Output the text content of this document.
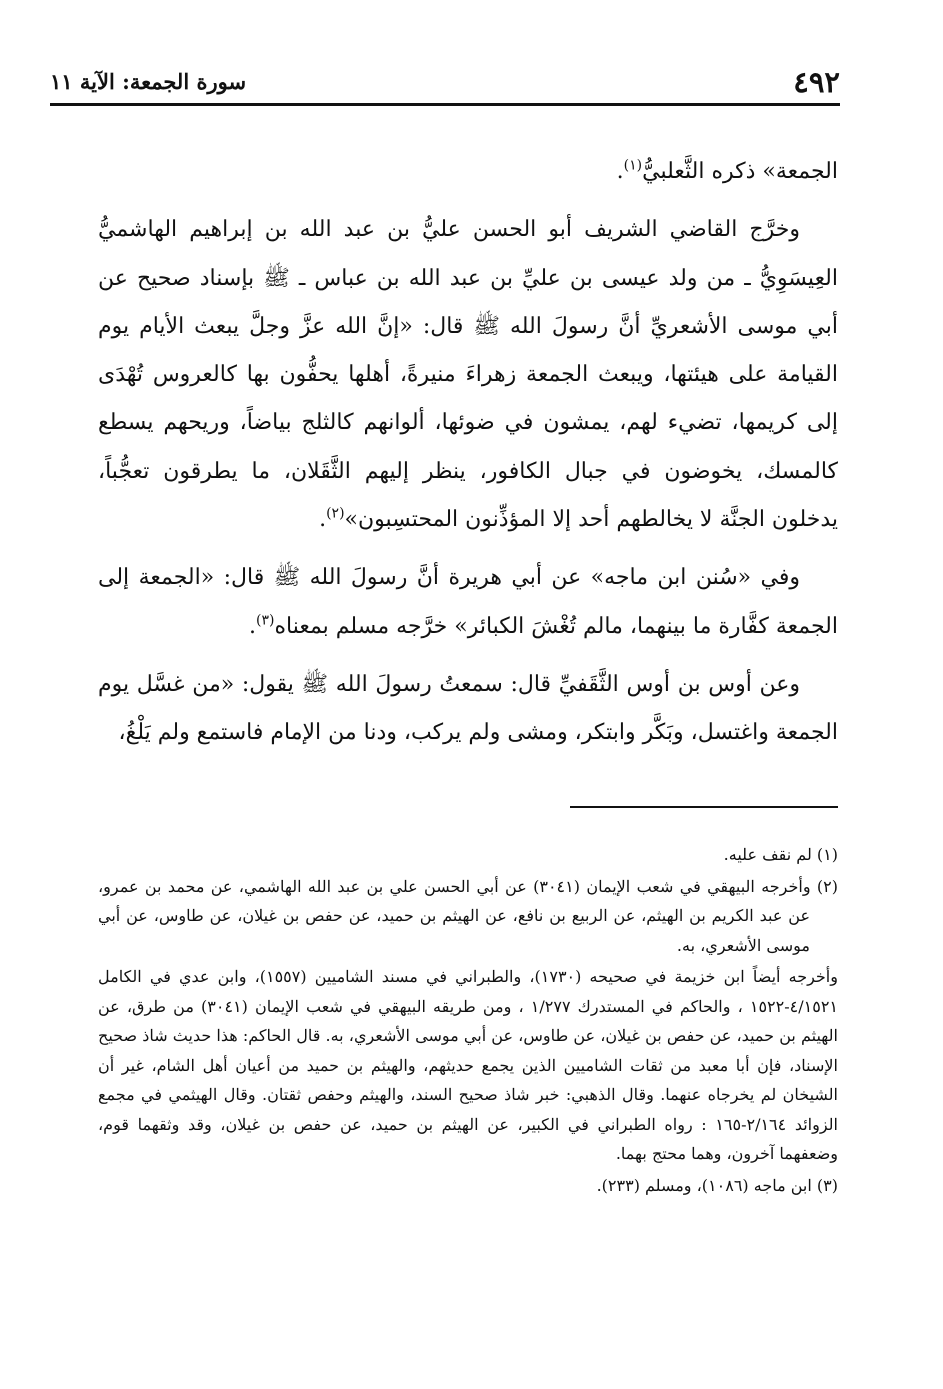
٤٩٢
سورة الجمعة: الآية ١١

الجمعة» ذكره الثَّعلبيُّ$^{(١)}$.

وخرَّج القاضي الشريف أبو الحسن عليُّ بن عبد الله بن إبراهيم الهاشميُّ العِيسَوِيُّ ـ من ولد عيسى بن عليِّ بن عبد الله بن عباس ـ ﷺ بإسناد صحيح عن أبي موسى الأشعريِّ أنَّ رسولَ الله ﷺ قال: «إنَّ الله عزَّ وجلَّ يبعث الأيام يوم القيامة على هيئتها، ويبعث الجمعة زهراءَ منيرةً، أهلها يحفُّون بها كالعروس تُهْدَى إلى كريمها، تضيء لهم، يمشون في ضوئها، ألوانهم كالثلج بياضاً، وريحهم يسطع كالمسك، يخوضون في جبال الكافور، ينظر إليهم الثَّقَلان، ما يطرقون تعجُّباً، يدخلون الجنَّة لا يخالطهم أحد إلا المؤذِّنون المحتسِبون»$^{(٢)}$.

وفي «سُنن ابن ماجه» عن أبي هريرة أنَّ رسولَ الله ﷺ قال: «الجمعة إلى الجمعة كفَّارة ما بينهما، مالم تُغْشَ الكبائر» خرَّجه مسلم بمعناه$^{(٣)}$.

وعن أوس بن أوس الثَّقَفيِّ قال: سمعتُ رسولَ الله ﷺ يقول: «من غسَّل يوم الجمعة واغتسل، وبَكَّر وابتكر، ومشى ولم يركب، ودنا من الإمام فاستمع ولم يَلْغُ،

(١) لم نقف عليه.

(٢) وأخرجه البيهقي في شعب الإيمان (٣٠٤١) عن أبي الحسن علي بن عبد الله الهاشمي، عن محمد بن عمرو، عن عبد الكريم بن الهيثم، عن الربيع بن نافع، عن الهيثم بن حميد، عن حفص بن غيلان، عن طاوس، عن أبي موسى الأشعري، به.

وأخرجه أيضاً ابن خزيمة في صحيحه (١٧٣٠)، والطبراني في مسند الشاميين (١٥٥٧)، وابن عدي في الكامل ٤/١٥٢١-١٥٢٢ ، والحاكم في المستدرك ١/٢٧٧ ، ومن طريقه البيهقي في شعب الإيمان (٣٠٤١) من طرق، عن الهيثم بن حميد، عن حفص بن غيلان، عن طاوس، عن أبي موسى الأشعري، به. قال الحاكم: هذا حديث شاذ صحيح الإسناد، فإن أبا معبد من ثقات الشاميين الذين يجمع حديثهم، والهيثم بن حميد من أعيان أهل الشام، غير أن الشيخان لم يخرجاه عنهما. وقال الذهبي: خبر شاذ صحيح السند، والهيثم وحفص ثقتان. وقال الهيثمي في مجمع الزوائد ٢/١٦٤-١٦٥ : رواه الطبراني في الكبير، عن الهيثم بن حميد، عن حفص بن غيلان، وقد وثقهما قوم، وضعفهما آخرون، وهما محتج بهما.

(٣) ابن ماجه (١٠٨٦)، ومسلم (٢٣٣).
